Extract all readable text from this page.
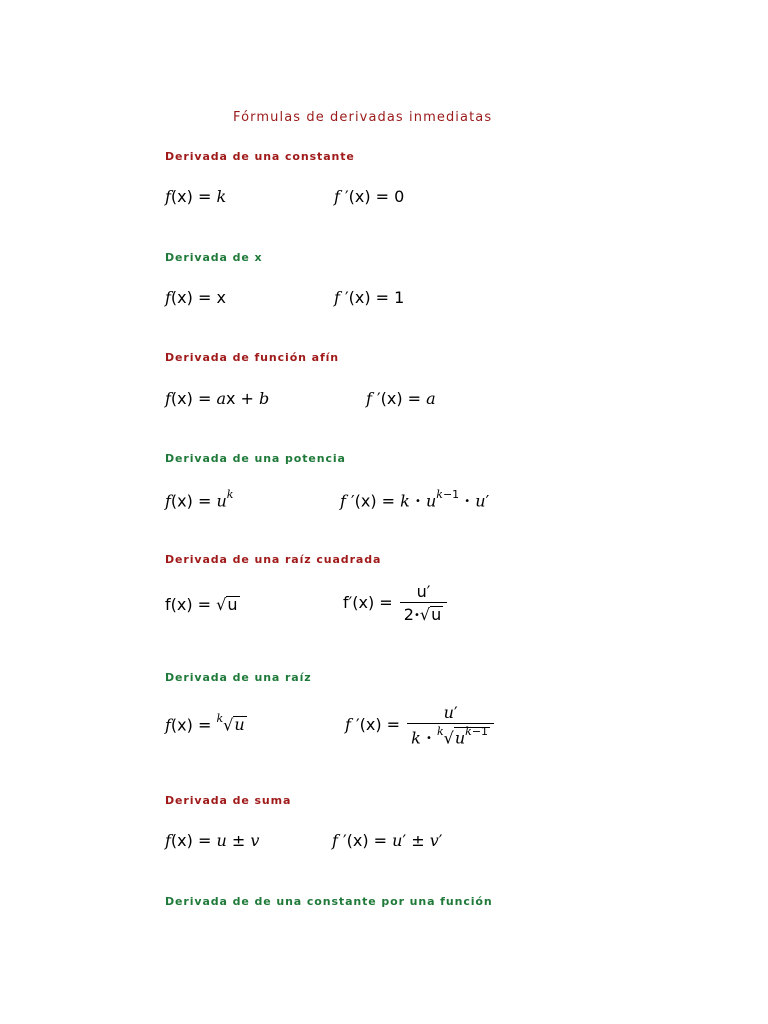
Fórmulas de derivadas inmediatas
Derivada de una constante
f(x) = k	f ′(x) = 0
Derivada de x
f(x) = x	f ′(x) = 1
Derivada de función afín
f(x) = ax + b	f ′(x) = a
Derivada de una potencia
$f(x) = u^k$	f ′(x) = k • $u^{k-1}$ • u′
Derivada de una raíz cuadrada
f(x) = √u	$f'(x) = \frac{u'}{2•√u}$
Derivada de una raíz
f(x) = $^k$√u	f $'(x) = \frac{u'}{k • ^k√u^{k-1}}$
Derivada de suma
f(x) = u ± v	f ′(x) = u′ ± v′
Derivada de de una constante por una función
